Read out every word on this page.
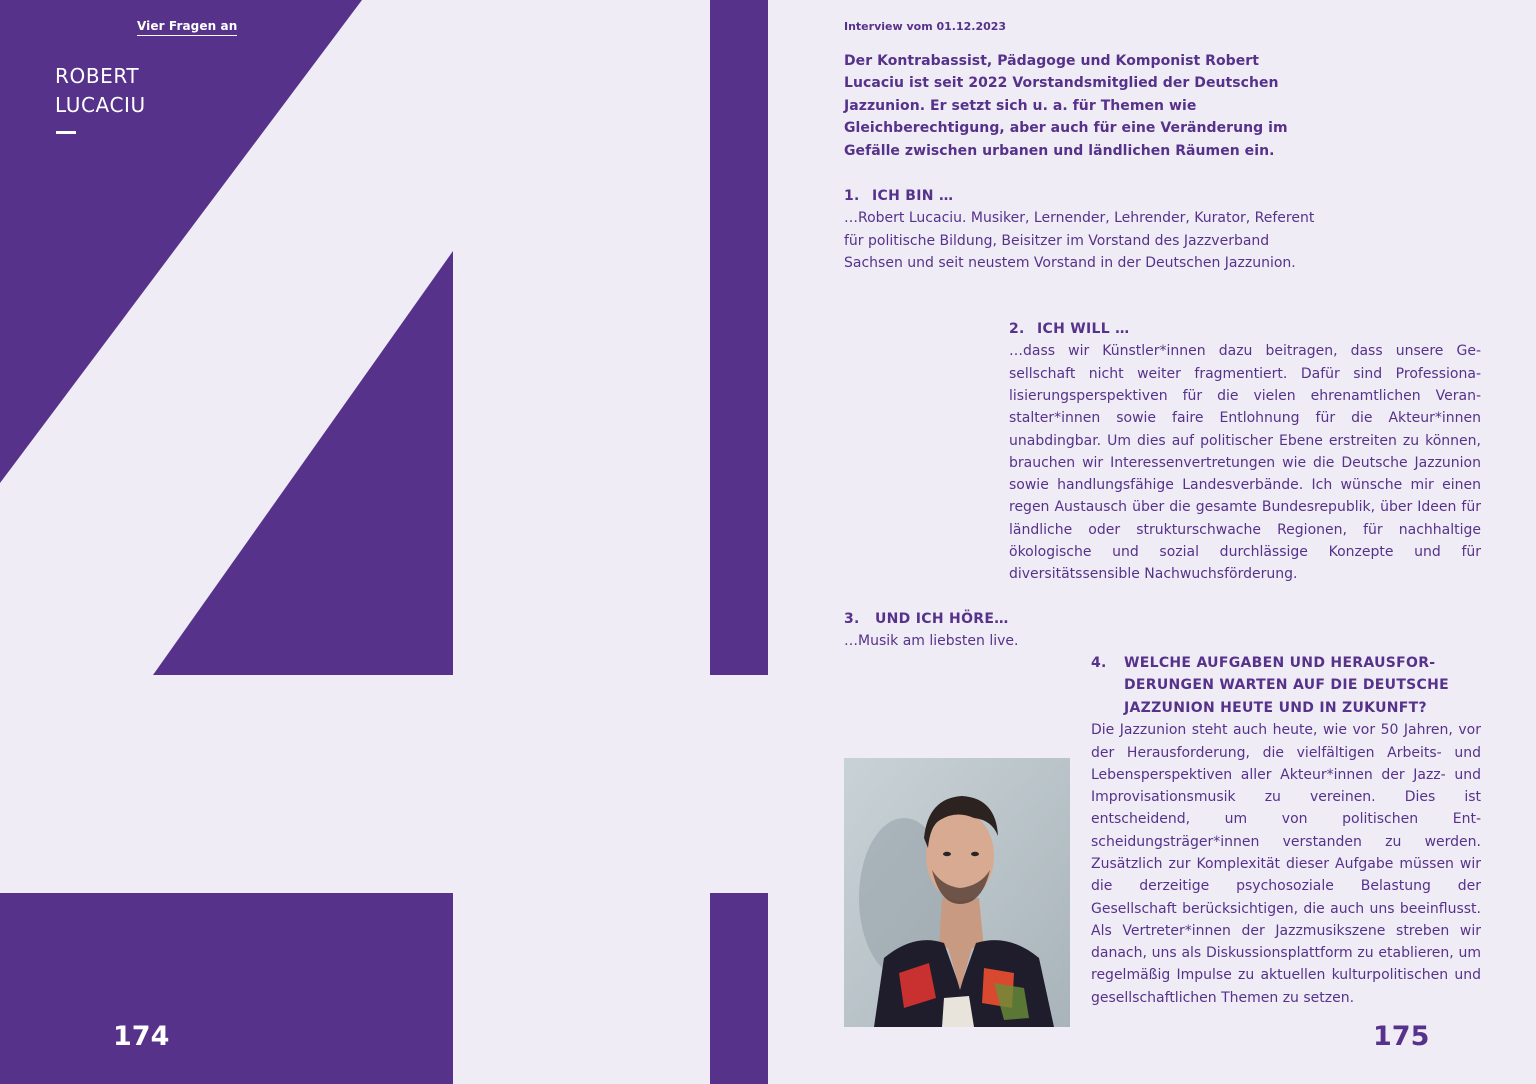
Vier Fragen an
ROBERT
LUCACIU
174
Interview vom 01.12.2023
Der Kontrabassist, Pädagoge und Komponist Robert Lucaciu ist seit 2022 Vorstandsmitglied der Deutschen Jazzunion. Er setzt sich u. a. für Themen wie Gleichberechtigung, aber auch für eine Veränderung im Gefälle zwischen urbanen und ländlichen Räumen ein.
1. ICH BIN …
…Robert Lucaciu. Musiker, Lernender, Lehrender, Kurator, Referent für politische Bildung, Beisitzer im Vorstand des Jazzverband Sachsen und seit neustem Vorstand in der Deutschen Jazzunion.
2. ICH WILL …
…dass wir Künstler*innen dazu beitragen, dass unsere Gesellschaft nicht weiter fragmentiert. Dafür sind Professionalisierungsperspektiven für die vielen ehrenamtlichen Veranstalter*innen sowie faire Entlohnung für die Akteur*innen unabdingbar. Um dies auf politischer Ebene erstreiten zu können, brauchen wir Interessenvertretungen wie die Deutsche Jazzunion sowie handlungsfähige Landesverbände. Ich wünsche mir einen regen Austausch über die gesamte Bundesrepublik, über Ideen für ländliche oder strukturschwache Regionen, für nachhaltige ökologische und sozial durchlässige Konzepte und für diversitätssensible Nachwuchsförderung.
3. UND ICH HÖRE…
…Musik am liebsten live.
4. WELCHE AUFGABEN UND HERAUSFORDERUNGEN WARTEN AUF DIE DEUTSCHE JAZZUNION HEUTE UND IN ZUKUNFT?
Die Jazzunion steht auch heute, wie vor 50 Jahren, vor der Herausforderung, die vielfältigen Arbeits- und Lebensperspektiven aller Akteur*innen der Jazz- und Improvisationsmusik zu vereinen. Dies ist entscheidend, um von politischen Entscheidungsträger*innen verstanden zu werden. Zusätzlich zur Komplexität dieser Aufgabe müssen wir die derzeitige psychosoziale Belastung der Gesellschaft berücksichtigen, die auch uns beeinflusst. Als Vertreter*innen der Jazzmusikszene streben wir danach, uns als Diskussionsplattform zu etablieren, um regelmäßig Impulse zu aktuellen kulturpolitischen und gesellschaftlichen Themen zu setzen.
175
